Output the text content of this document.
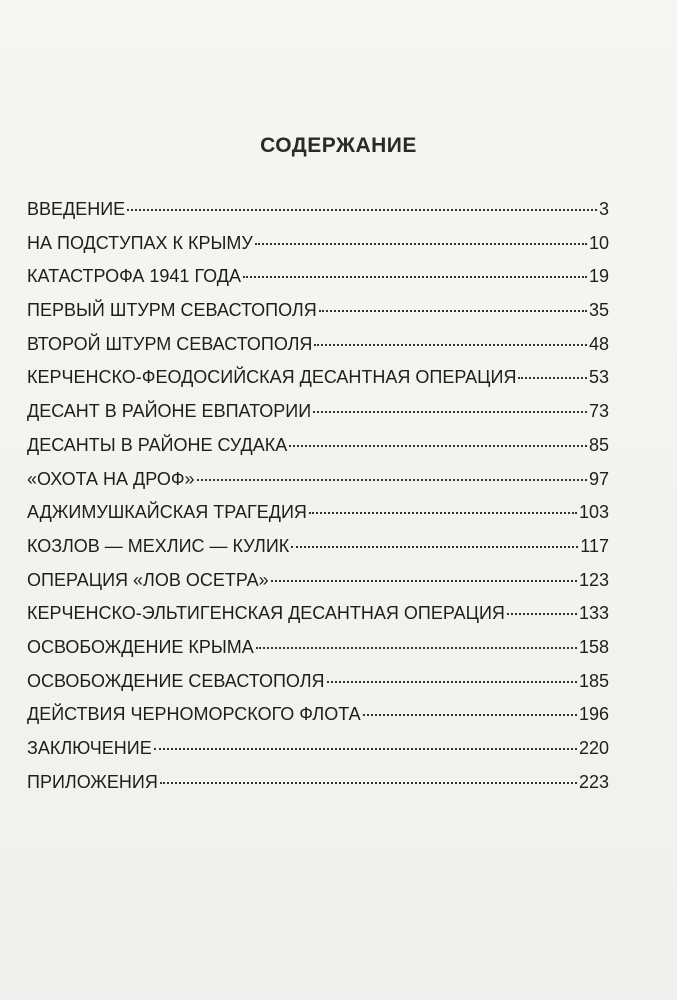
СОДЕРЖАНИЕ
ВВЕДЕНИЕ	3
НА ПОДСТУПАХ К КРЫМУ	10
КАТАСТРОФА 1941 ГОДА	19
ПЕРВЫЙ ШТУРМ СЕВАСТОПОЛЯ	35
ВТОРОЙ ШТУРМ СЕВАСТОПОЛЯ	48
КЕРЧЕНСКО-ФЕОДОСИЙСКАЯ ДЕСАНТНАЯ ОПЕРАЦИЯ	53
ДЕСАНТ В РАЙОНЕ ЕВПАТОРИИ	73
ДЕСАНТЫ В РАЙОНЕ СУДАКА	85
«ОХОТА НА ДРОФ»	97
АДЖИМУШКАЙСКАЯ ТРАГЕДИЯ	103
КОЗЛОВ — МЕХЛИС — КУЛИК	117
ОПЕРАЦИЯ «ЛОВ ОСЕТРА»	123
КЕРЧЕНСКО-ЭЛЬТИГЕНСКАЯ ДЕСАНТНАЯ ОПЕРАЦИЯ	133
ОСВОБОЖДЕНИЕ КРЫМА	158
ОСВОБОЖДЕНИЕ СЕВАСТОПОЛЯ	185
ДЕЙСТВИЯ ЧЕРНОМОРСКОГО ФЛОТА	196
ЗАКЛЮЧЕНИЕ	220
ПРИЛОЖЕНИЯ	223
